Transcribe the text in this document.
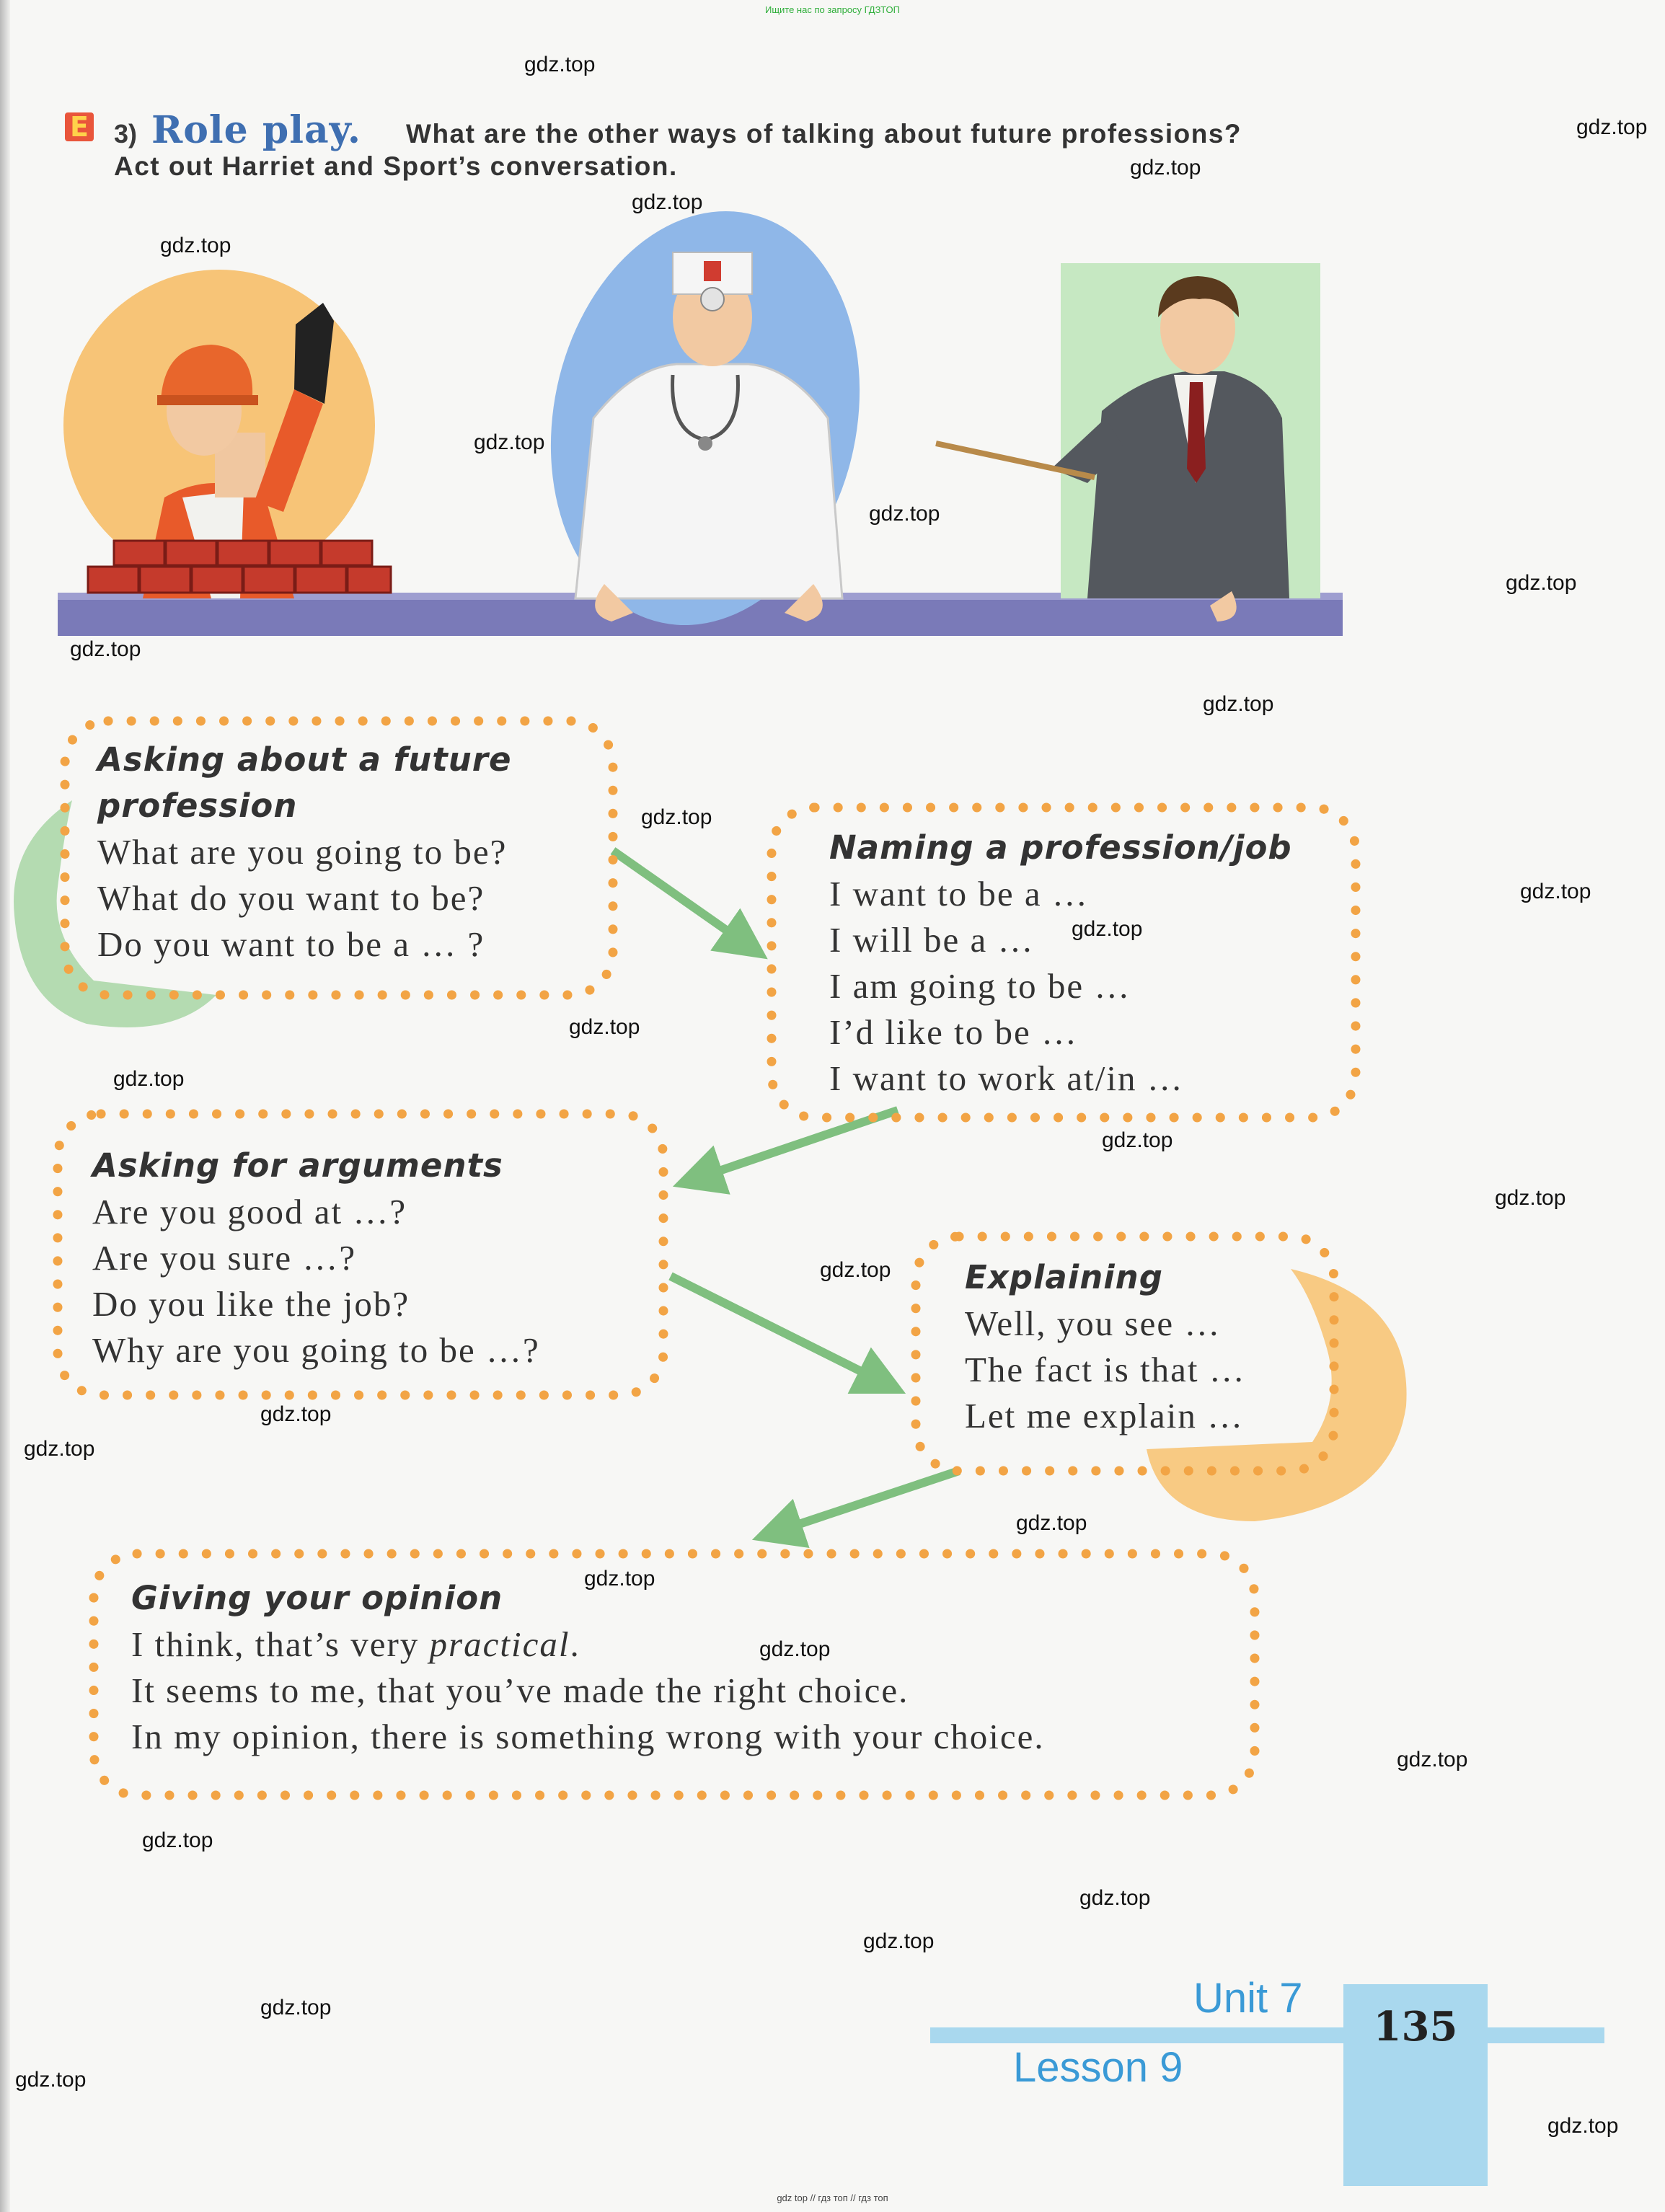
Ищите нас по запросу ГДЗТОП
E 3) Role play. What are the other ways of talking about future professions?
Act out Harriet and Sport’s conversation.
Asking about a future
profession
What are you going to be?
What do you want to be?
Do you want to be a … ?
Naming a profession/job
I want to be a …
I will be a …
I am going to be …
I’d like to be …
I want to work at/in …
Asking for arguments
Are you good at …?
Are you sure …?
Do you like the job?
Why are you going to be …?
Explaining
Well, you see …
The fact is that …
Let me explain …
Giving your opinion
I think, that’s very practical.
It seems to me, that you’ve made the right choice.
In my opinion, there is something wrong with your choice.
135
Unit 7
Lesson 9
gdz top // гдз топ // гдз топ
gdz.top
gdz.top
gdz.top
gdz.top
gdz.top
gdz.top
gdz.top
gdz.top
gdz.top
gdz.top
gdz.top
gdz.top
gdz.top
gdz.top
gdz.top
gdz.top
gdz.top
gdz.top
gdz.top
gdz.top
gdz.top
gdz.top
gdz.top
gdz.top
gdz.top
gdz.top
gdz.top
gdz.top
gdz.top
gdz.top
